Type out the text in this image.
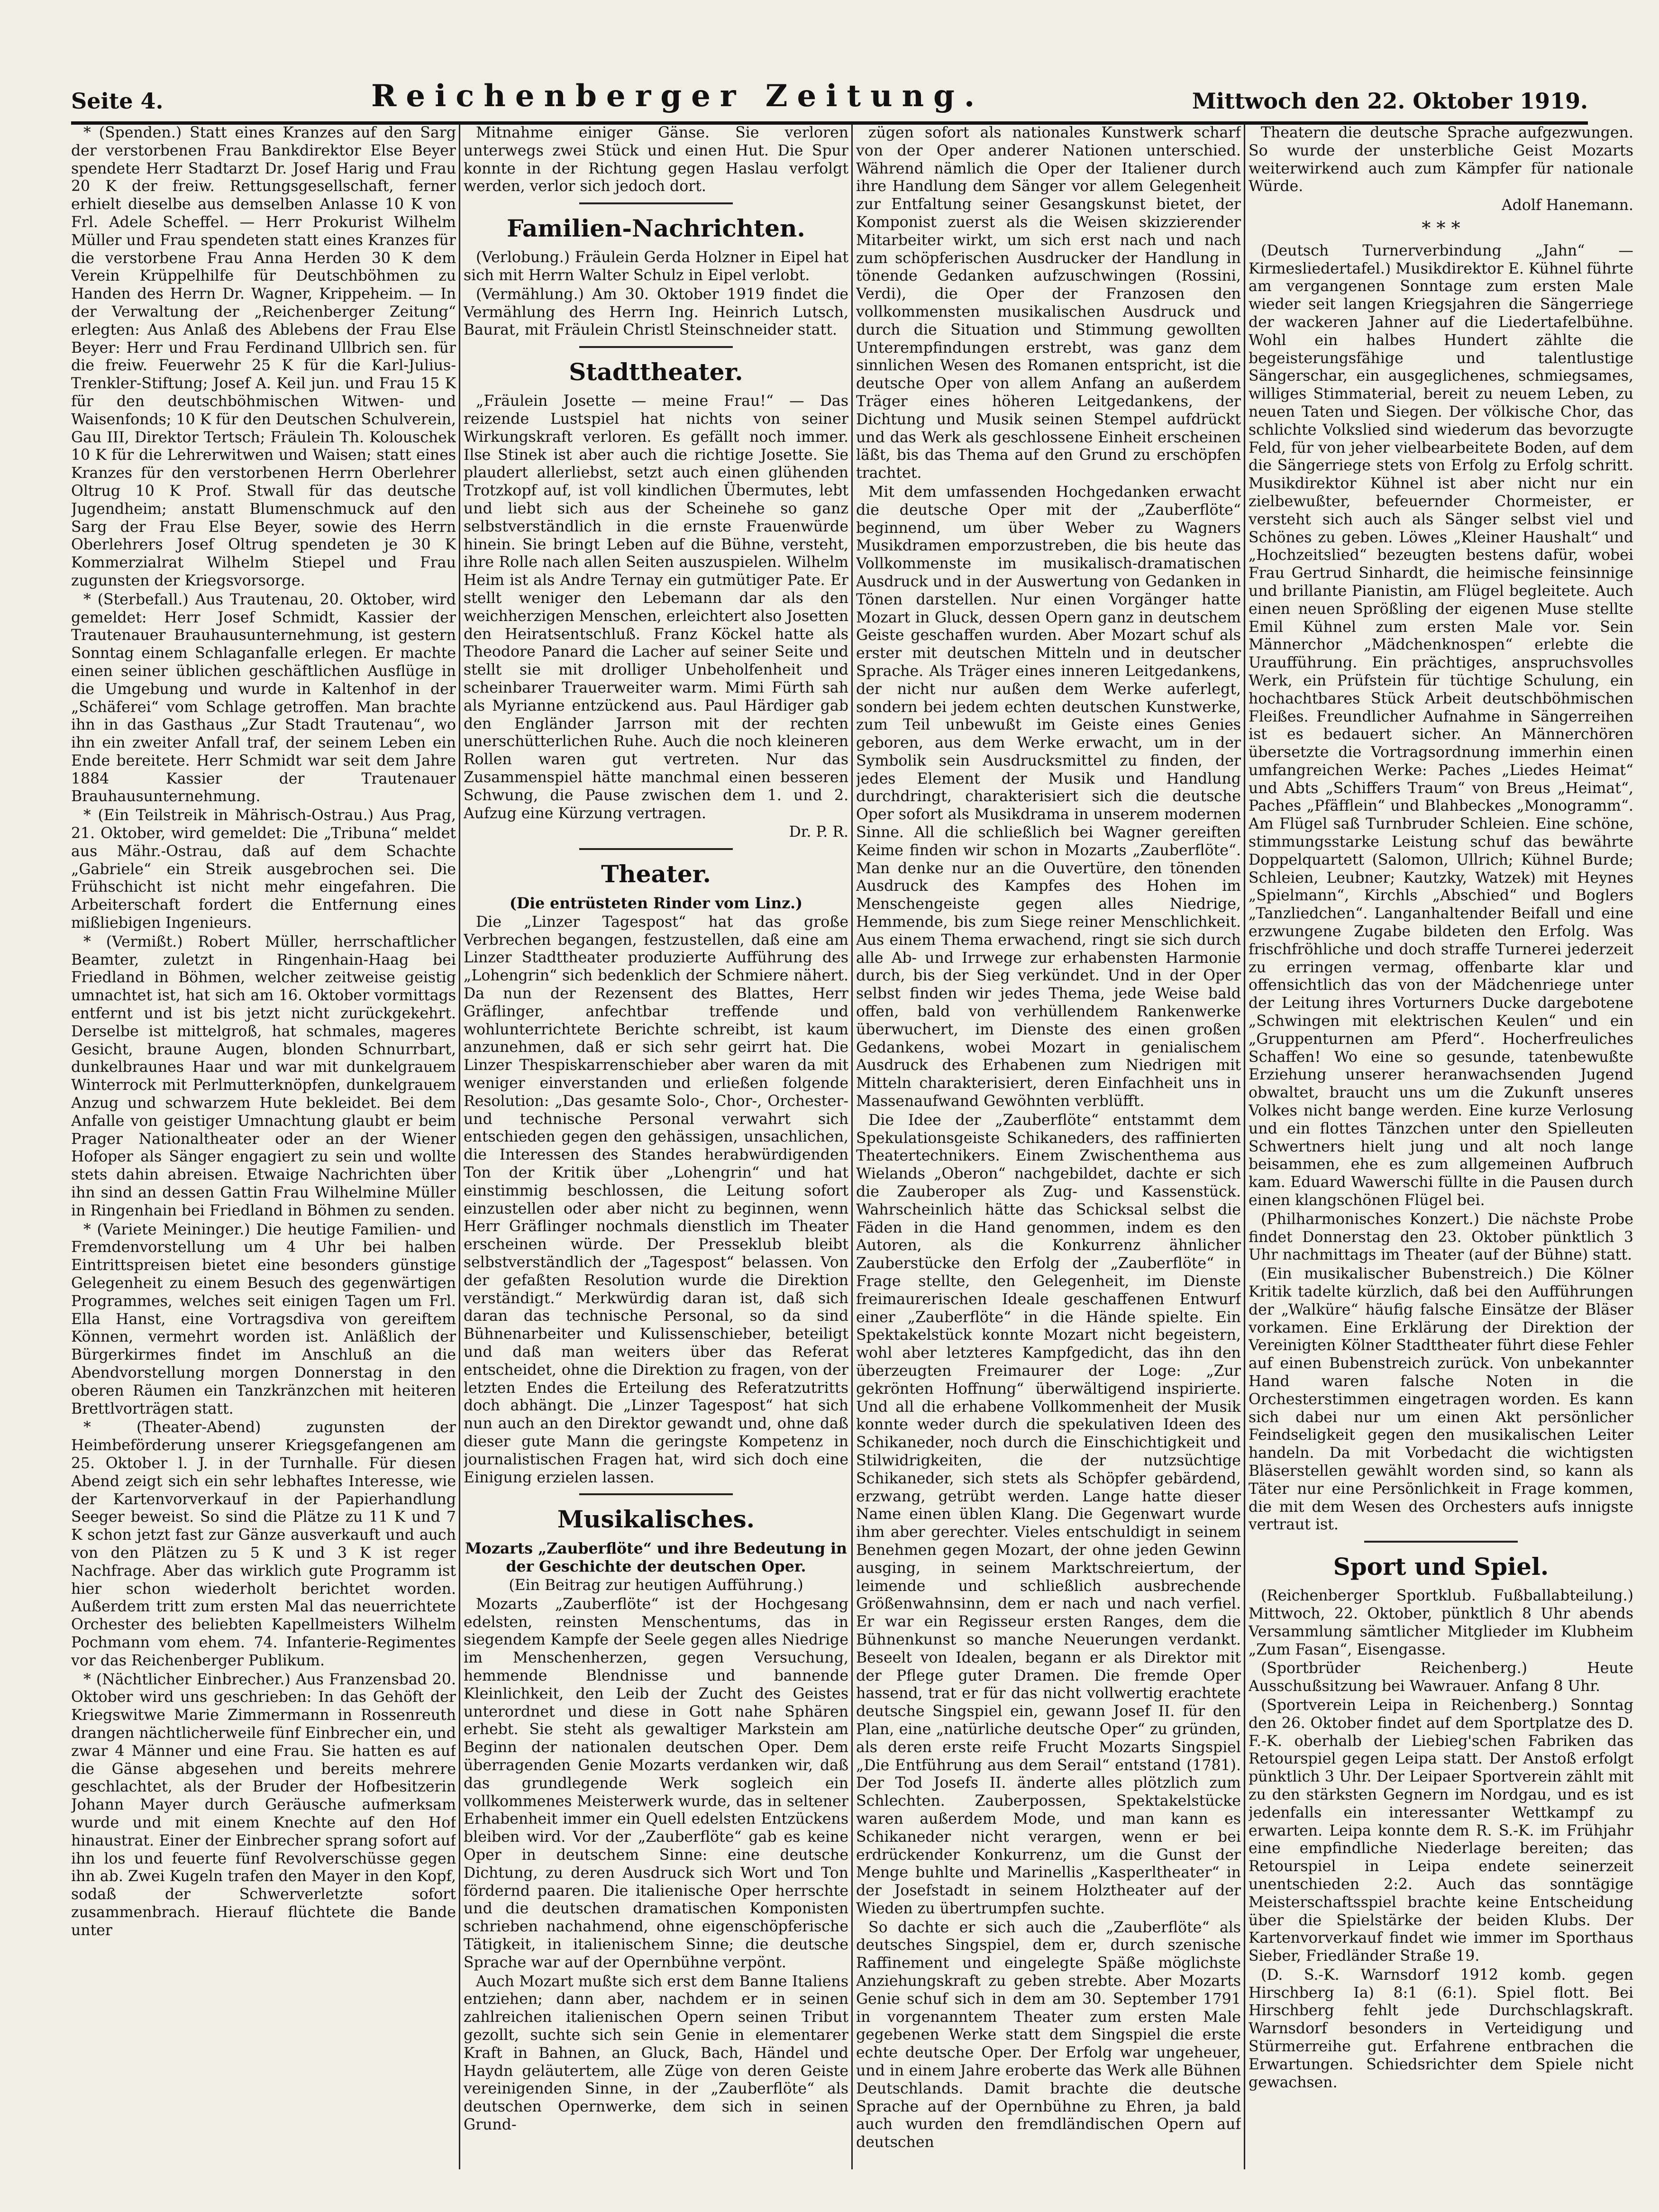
Seite 4.	Reichenberger Zeitung.	Mittwoch den 22. Oktober 1919.

* (Spenden.) Statt eines Kranzes auf den Sarg der verstorbenen Frau Bankdirektor Else Beyer spendete Herr Stadtarzt Dr. Josef Harig und Frau 20 K der freiw. Rettungsgesellschaft, ferner erhielt dieselbe aus demselben Anlasse 10 K von Frl. Adele Scheffel. — Herr Prokurist Wilhelm Müller und Frau spendeten statt eines Kranzes für die verstorbene Frau Anna Herden 30 K dem Verein Krüppelhilfe für Deutschböhmen zu Handen des Herrn Dr. Wagner, Krippeheim. — In der Verwaltung der „Reichenberger Zeitung“ erlegten: Aus Anlaß des Ablebens der Frau Else Beyer: Herr und Frau Ferdinand Ullbrich sen. für die freiw. Feuerwehr 25 K für die Karl-Julius-Trenkler-Stiftung; Josef A. Keil jun. und Frau 15 K für den deutschböhmischen Witwen- und Waisenfonds; 10 K für den Deutschen Schulverein, Gau III, Direktor Tertsch; Fräulein Th. Kolouschek 10 K für die Lehrerwitwen und Waisen; statt eines Kranzes für den verstorbenen Herrn Oberlehrer Oltrug 10 K Prof. Stwall für das deutsche Jugendheim; anstatt Blumenschmuck auf den Sarg der Frau Else Beyer, sowie des Herrn Oberlehrers Josef Oltrug spendeten je 30 K Kommerzialrat Wilhelm Stiepel und Frau zugunsten der Kriegsvorsorge.

* (Sterbefall.) Aus Trautenau, 20. Oktober, wird gemeldet: Herr Josef Schmidt, Kassier der Trautenauer Brauhausunternehmung, ist gestern Sonntag einem Schlaganfalle erlegen. Er machte einen seiner üblichen geschäftlichen Ausflüge in die Umgebung und wurde in Kaltenhof in der „Schäferei“ vom Schlage getroffen. Man brachte ihn in das Gasthaus „Zur Stadt Trautenau“, wo ihn ein zweiter Anfall traf, der seinem Leben ein Ende bereitete. Herr Schmidt war seit dem Jahre 1884 Kassier der Trautenauer Brauhausunternehmung.

* (Ein Teilstreik in Mährisch-Ostrau.) Aus Prag, 21. Oktober, wird gemeldet: Die „Tribuna“ meldet aus Mähr.-Ostrau, daß auf dem Schachte „Gabriele“ ein Streik ausgebrochen sei. Die Frühschicht ist nicht mehr eingefahren. Die Arbeiterschaft fordert die Entfernung eines mißliebigen Ingenieurs.

* (Vermißt.) Robert Müller, herrschaftlicher Beamter, zuletzt in Ringenhain-Haag bei Friedland in Böhmen, welcher zeitweise geistig umnachtet ist, hat sich am 16. Oktober vormittags entfernt und ist bis jetzt nicht zurückgekehrt. Derselbe ist mittelgroß, hat schmales, mageres Gesicht, braune Augen, blonden Schnurrbart, dunkelbraunes Haar und war mit dunkelgrauem Winterrock mit Perlmutterknöpfen, dunkelgrauem Anzug und schwarzem Hute bekleidet. Bei dem Anfalle von geistiger Umnachtung glaubt er beim Prager Nationaltheater oder an der Wiener Hofoper als Sänger engagiert zu sein und wollte stets dahin abreisen. Etwaige Nachrichten über ihn sind an dessen Gattin Frau Wilhelmine Müller in Ringenhain bei Friedland in Böhmen zu senden.

* (Variete Meininger.) Die heutige Familien- und Fremdenvorstellung um 4 Uhr bei halben Eintrittspreisen bietet eine besonders günstige Gelegenheit zu einem Besuch des gegenwärtigen Programmes, welches seit einigen Tagen um Frl. Ella Hanst, eine Vortragsdiva von gereiftem Können, vermehrt worden ist. Anläßlich der Bürgerkirmes findet im Anschluß an die Abendvorstellung morgen Donnerstag in den oberen Räumen ein Tanzkränzchen mit heiteren Brettlvorträgen statt.

* (Theater-Abend) zugunsten der Heimbeförderung unserer Kriegsgefangenen am 25. Oktober l. J. in der Turnhalle. Für diesen Abend zeigt sich ein sehr lebhaftes Interesse, wie der Kartenvorverkauf in der Papierhandlung Seeger beweist. So sind die Plätze zu 11 K und 7 K schon jetzt fast zur Gänze ausverkauft und auch von den Plätzen zu 5 K und 3 K ist reger Nachfrage. Aber das wirklich gute Programm ist hier schon wiederholt berichtet worden. Außerdem tritt zum ersten Mal das neuerrichtete Orchester des beliebten Kapellmeisters Wilhelm Pochmann vom ehem. 74. Infanterie-Regimentes vor das Reichenberger Publikum.

* (Nächtlicher Einbrecher.) Aus Franzensbad 20. Oktober wird uns geschrieben: In das Gehöft der Kriegswitwe Marie Zimmermann in Rossenreuth drangen nächtlicherweile fünf Einbrecher ein, und zwar 4 Männer und eine Frau. Sie hatten es auf die Gänse abgesehen und bereits mehrere geschlachtet, als der Bruder der Hofbesitzerin Johann Mayer durch Geräusche aufmerksam wurde und mit einem Knechte auf den Hof hinaustrat. Einer der Einbrecher sprang sofort auf ihn los und feuerte fünf Revolverschüsse gegen ihn ab. Zwei Kugeln trafen den Mayer in den Kopf, sodaß der Schwerverletzte sofort zusammenbrach. Hierauf flüchtete die Bande unter

Mitnahme einiger Gänse. Sie verloren unterwegs zwei Stück und einen Hut. Die Spur konnte in der Richtung gegen Haslau verfolgt werden, verlor sich jedoch dort.

Familien-Nachrichten.

(Verlobung.) Fräulein Gerda Holzner in Eipel hat sich mit Herrn Walter Schulz in Eipel verlobt.

(Vermählung.) Am 30. Oktober 1919 findet die Vermählung des Herrn Ing. Heinrich Lutsch, Baurat, mit Fräulein Christl Steinschneider statt.

Stadttheater.

„Fräulein Josette — meine Frau!“ — Das reizende Lustspiel hat nichts von seiner Wirkungskraft verloren. Es gefällt noch immer. Ilse Stinek ist aber auch die richtige Josette. Sie plaudert allerliebst, setzt auch einen glühenden Trotzkopf auf, ist voll kindlichen Übermutes, lebt und liebt sich aus der Scheinehe so ganz selbstverständlich in die ernste Frauenwürde hinein. Sie bringt Leben auf die Bühne, versteht, ihre Rolle nach allen Seiten auszuspielen. Wilhelm Heim ist als Andre Ternay ein gutmütiger Pate. Er stellt weniger den Lebemann dar als den weichherzigen Menschen, erleichtert also Josetten den Heiratsentschluß. Franz Köckel hatte als Theodore Panard die Lacher auf seiner Seite und stellt sie mit drolliger Unbeholfenheit und scheinbarer Trauerweiter warm. Mimi Fürth sah als Myrianne entzückend aus. Paul Härdiger gab den Engländer Jarrson mit der rechten unerschütterlichen Ruhe. Auch die noch kleineren Rollen waren gut vertreten. Nur das Zusammenspiel hätte manchmal einen besseren Schwung, die Pause zwischen dem 1. und 2. Aufzug eine Kürzung vertragen.

Dr. P. R.

Theater.

(Die entrüsteten Rinder vom Linz.)

Die „Linzer Tagespost“ hat das große Verbrechen begangen, festzustellen, daß eine am Linzer Stadttheater produzierte Aufführung des „Lohengrin“ sich bedenklich der Schmiere nähert. Da nun der Rezensent des Blattes, Herr Gräflinger, anfechtbar treffende und wohlunterrichtete Berichte schreibt, ist kaum anzunehmen, daß er sich sehr geirrt hat. Die Linzer Thespiskarrenschieber aber waren da mit weniger einverstanden und erließen folgende Resolution: „Das gesamte Solo-, Chor-, Orchester- und technische Personal verwahrt sich entschieden gegen den gehässigen, unsachlichen, die Interessen des Standes herabwürdigenden Ton der Kritik über „Lohengrin“ und hat einstimmig beschlossen, die Leitung sofort einzustellen oder aber nicht zu beginnen, wenn Herr Gräflinger nochmals dienstlich im Theater erscheinen würde. Der Presseklub bleibt selbstverständlich der „Tagespost“ belassen. Von der gefaßten Resolution wurde die Direktion verständigt.“ Merkwürdig daran ist, daß sich daran das technische Personal, so da sind Bühnenarbeiter und Kulissenschieber, beteiligt und daß man weiters über das Referat entscheidet, ohne die Direktion zu fragen, von der letzten Endes die Erteilung des Referatzutritts doch abhängt. Die „Linzer Tagespost“ hat sich nun auch an den Direktor gewandt und, ohne daß dieser gute Mann die geringste Kompetenz in journalistischen Fragen hat, wird sich doch eine Einigung erzielen lassen.

Musikalisches.

Mozarts „Zauberflöte“ und ihre Bedeutung in der Geschichte der deutschen Oper.

(Ein Beitrag zur heutigen Aufführung.)

Mozarts „Zauberflöte“ ist der Hochgesang edelsten, reinsten Menschentums, das in siegendem Kampfe der Seele gegen alles Niedrige im Menschenherzen, gegen Versuchung, hemmende Blendnisse und bannende Kleinlichkeit, den Leib der Zucht des Geistes unterordnet und diese in Gott nahe Sphären erhebt. Sie steht als gewaltiger Markstein am Beginn der nationalen deutschen Oper. Dem überragenden Genie Mozarts verdanken wir, daß das grundlegende Werk sogleich ein vollkommenes Meisterwerk wurde, das in seltener Erhabenheit immer ein Quell edelsten Entzückens bleiben wird. Vor der „Zauberflöte“ gab es keine Oper in deutschem Sinne: eine deutsche Dichtung, zu deren Ausdruck sich Wort und Ton fördernd paaren. Die italienische Oper herrschte und die deutschen dramatischen Komponisten schrieben nachahmend, ohne eigenschöpferische Tätigkeit, in italienischem Sinne; die deutsche Sprache war auf der Opernbühne verpönt.

Auch Mozart mußte sich erst dem Banne Italiens entziehen; dann aber, nachdem er in seinen zahlreichen italienischen Opern seinen Tribut gezollt, suchte sich sein Genie in elementarer Kraft in Bahnen, an Gluck, Bach, Händel und Haydn geläutertem, alle Züge von deren Geiste vereinigenden Sinne, in der „Zauberflöte“ als deutschen Opernwerke, dem sich in seinen Grund-

zügen sofort als nationales Kunstwerk scharf von der Oper anderer Nationen unterschied. Während nämlich die Oper der Italiener durch ihre Handlung dem Sänger vor allem Gelegenheit zur Entfaltung seiner Gesangskunst bietet, der Komponist zuerst als die Weisen skizzierender Mitarbeiter wirkt, um sich erst nach und nach zum schöpferischen Ausdrucker der Handlung in tönende Gedanken aufzuschwingen (Rossini, Verdi), die Oper der Franzosen den vollkommensten musikalischen Ausdruck und durch die Situation und Stimmung gewollten Unterempfindungen erstrebt, was ganz dem sinnlichen Wesen des Romanen entspricht, ist die deutsche Oper von allem Anfang an außerdem Träger eines höheren Leitgedankens, der Dichtung und Musik seinen Stempel aufdrückt und das Werk als geschlossene Einheit erscheinen läßt, bis das Thema auf den Grund zu erschöpfen trachtet.

Mit dem umfassenden Hochgedanken erwacht die deutsche Oper mit der „Zauberflöte“ beginnend, um über Weber zu Wagners Musikdramen emporzustreben, die bis heute das Vollkommenste im musikalisch-dramatischen Ausdruck und in der Auswertung von Gedanken in Tönen darstellen. Nur einen Vorgänger hatte Mozart in Gluck, dessen Opern ganz in deutschem Geiste geschaffen wurden. Aber Mozart schuf als erster mit deutschen Mitteln und in deutscher Sprache. Als Träger eines inneren Leitgedankens, der nicht nur außen dem Werke auferlegt, sondern bei jedem echten deutschen Kunstwerke, zum Teil unbewußt im Geiste eines Genies geboren, aus dem Werke erwacht, um in der Symbolik sein Ausdrucksmittel zu finden, der jedes Element der Musik und Handlung durchdringt, charakterisiert sich die deutsche Oper sofort als Musikdrama in unserem modernen Sinne. All die schließlich bei Wagner gereiften Keime finden wir schon in Mozarts „Zauberflöte“. Man denke nur an die Ouvertüre, den tönenden Ausdruck des Kampfes des Hohen im Menschengeiste gegen alles Niedrige, Hemmende, bis zum Siege reiner Menschlichkeit. Aus einem Thema erwachend, ringt sie sich durch alle Ab- und Irrwege zur erhabensten Harmonie durch, bis der Sieg verkündet. Und in der Oper selbst finden wir jedes Thema, jede Weise bald offen, bald von verhüllendem Rankenwerke überwuchert, im Dienste des einen großen Gedankens, wobei Mozart in genialischem Ausdruck des Erhabenen zum Niedrigen mit Mitteln charakterisiert, deren Einfachheit uns in Massenaufwand Gewöhnten verblüfft.

Die Idee der „Zauberflöte“ entstammt dem Spekulationsgeiste Schikaneders, des raffinierten Theatertechnikers. Einem Zwischenthema aus Wielands „Oberon“ nachgebildet, dachte er sich die Zauberoper als Zug- und Kassenstück. Wahrscheinlich hätte das Schicksal selbst die Fäden in die Hand genommen, indem es den Autoren, als die Konkurrenz ähnlicher Zauberstücke den Erfolg der „Zauberflöte“ in Frage stellte, den Gelegenheit, im Dienste freimaurerischen Ideale geschaffenen Entwurf einer „Zauberflöte“ in die Hände spielte. Ein Spektakelstück konnte Mozart nicht begeistern, wohl aber letzteres Kampfgedicht, das ihn den überzeugten Freimaurer der Loge: „Zur gekrönten Hoffnung“ überwältigend inspirierte. Und all die erhabene Vollkommenheit der Musik konnte weder durch die spekulativen Ideen des Schikaneder, noch durch die Einschichtigkeit und Stilwidrigkeiten, die der nutzsüchtige Schikaneder, sich stets als Schöpfer gebärdend, erzwang, getrübt werden. Lange hatte dieser Name einen üblen Klang. Die Gegenwart wurde ihm aber gerechter. Vieles entschuldigt in seinem Benehmen gegen Mozart, der ohne jeden Gewinn ausging, in seinem Marktschreiertum, der leimende und schließlich ausbrechende Größenwahnsinn, dem er nach und nach verfiel. Er war ein Regisseur ersten Ranges, dem die Bühnenkunst so manche Neuerungen verdankt. Beseelt von Idealen, begann er als Direktor mit der Pflege guter Dramen. Die fremde Oper hassend, trat er für das nicht vollwertig erachtete deutsche Singspiel ein, gewann Josef II. für den Plan, eine „natürliche deutsche Oper“ zu gründen, als deren erste reife Frucht Mozarts Singspiel „Die Entführung aus dem Serail“ entstand (1781). Der Tod Josefs II. änderte alles plötzlich zum Schlechten. Zauberpossen, Spektakelstücke waren außerdem Mode, und man kann es Schikaneder nicht verargen, wenn er bei erdrückender Konkurrenz, um die Gunst der Menge buhlte und Marinellis „Kasperltheater“ in der Josefstadt in seinem Holztheater auf der Wieden zu übertrumpfen suchte.

So dachte er sich auch die „Zauberflöte“ als deutsches Singspiel, dem er, durch szenische Raffinement und eingelegte Späße möglichste Anziehungskraft zu geben strebte. Aber Mozarts Genie schuf sich in dem am 30. September 1791 in vorgenanntem Theater zum ersten Male gegebenen Werke statt dem Singspiel die erste echte deutsche Oper. Der Erfolg war ungeheuer, und in einem Jahre eroberte das Werk alle Bühnen Deutschlands. Damit brachte die deutsche Sprache auf der Opernbühne zu Ehren, ja bald auch wurden den fremdländischen Opern auf deutschen

Theatern die deutsche Sprache aufgezwungen. So wurde der unsterbliche Geist Mozarts weiterwirkend auch zum Kämpfer für nationale Würde.

Adolf Hanemann.

* * *

(Deutsch Turnerverbindung „Jahn“ — Kirmesliedertafel.) Musikdirektor E. Kühnel führte am vergangenen Sonntage zum ersten Male wieder seit langen Kriegsjahren die Sängerriege der wackeren Jahner auf die Liedertafelbühne. Wohl ein halbes Hundert zählte die begeisterungsfähige und talentlustige Sängerschar, ein ausgeglichenes, schmiegsames, williges Stimmaterial, bereit zu neuem Leben, zu neuen Taten und Siegen. Der völkische Chor, das schlichte Volkslied sind wiederum das bevorzugte Feld, für von jeher vielbearbeitete Boden, auf dem die Sängerriege stets von Erfolg zu Erfolg schritt. Musikdirektor Kühnel ist aber nicht nur ein zielbewußter, befeuernder Chormeister, er versteht sich auch als Sänger selbst viel und Schönes zu geben. Löwes „Kleiner Haushalt“ und „Hochzeitslied“ bezeugten bestens dafür, wobei Frau Gertrud Sinhardt, die heimische feinsinnige und brillante Pianistin, am Flügel begleitete. Auch einen neuen Sprößling der eigenen Muse stellte Emil Kühnel zum ersten Male vor. Sein Männerchor „Mädchenknospen“ erlebte die Uraufführung. Ein prächtiges, anspruchsvolles Werk, ein Prüfstein für tüchtige Schulung, ein hochachtbares Stück Arbeit deutschböhmischen Fleißes. Freundlicher Aufnahme in Sängerreihen ist es bedauert sicher. An Männerchören übersetzte die Vortragsordnung immerhin einen umfangreichen Werke: Paches „Liedes Heimat“ und Abts „Schiffers Traum“ von Breus „Heimat“, Paches „Pfäfflein“ und Blahbeckes „Monogramm“. Am Flügel saß Turnbruder Schleien. Eine schöne, stimmungsstarke Leistung schuf das bewährte Doppelquartett (Salomon, Ullrich; Kühnel Burde; Schleien, Leubner; Kautzky, Watzek) mit Heynes „Spielmann“, Kirchls „Abschied“ und Boglers „Tanzliedchen“. Langanhaltender Beifall und eine erzwungene Zugabe bildeten den Erfolg. Was frischfröhliche und doch straffe Turnerei jederzeit zu erringen vermag, offenbarte klar und offensichtlich das von der Mädchenriege unter der Leitung ihres Vorturners Ducke dargebotene „Schwingen mit elektrischen Keulen“ und ein „Gruppenturnen am Pferd“. Hocherfreuliches Schaffen! Wo eine so gesunde, tatenbewußte Erziehung unserer heranwachsenden Jugend obwaltet, braucht uns um die Zukunft unseres Volkes nicht bange werden. Eine kurze Verlosung und ein flottes Tänzchen unter den Spielleuten Schwertners hielt jung und alt noch lange beisammen, ehe es zum allgemeinen Aufbruch kam. Eduard Wawerschi füllte in die Pausen durch einen klangschönen Flügel bei.

(Philharmonisches Konzert.) Die nächste Probe findet Donnerstag den 23. Oktober pünktlich 3 Uhr nachmittags im Theater (auf der Bühne) statt.

(Ein musikalischer Bubenstreich.) Die Kölner Kritik tadelte kürzlich, daß bei den Aufführungen der „Walküre“ häufig falsche Einsätze der Bläser vorkamen. Eine Erklärung der Direktion der Vereinigten Kölner Stadttheater führt diese Fehler auf einen Bubenstreich zurück. Von unbekannter Hand waren falsche Noten in die Orchesterstimmen eingetragen worden. Es kann sich dabei nur um einen Akt persönlicher Feindseligkeit gegen den musikalischen Leiter handeln. Da mit Vorbedacht die wichtigsten Bläserstellen gewählt worden sind, so kann als Täter nur eine Persönlichkeit in Frage kommen, die mit dem Wesen des Orchesters aufs innigste vertraut ist.

Sport und Spiel.

(Reichenberger Sportklub. Fußballabteilung.) Mittwoch, 22. Oktober, pünktlich 8 Uhr abends Versammlung sämtlicher Mitglieder im Klubheim „Zum Fasan“, Eisengasse.

(Sportbrüder Reichenberg.) Heute Ausschußsitzung bei Wawrauer. Anfang 8 Uhr.

(Sportverein Leipa in Reichenberg.) Sonntag den 26. Oktober findet auf dem Sportplatze des D. F.-K. oberhalb der Liebieg'schen Fabriken das Retourspiel gegen Leipa statt. Der Anstoß erfolgt pünktlich 3 Uhr. Der Leipaer Sportverein zählt mit zu den stärksten Gegnern im Nordgau, und es ist jedenfalls ein interessanter Wettkampf zu erwarten. Leipa konnte dem R. S.-K. im Frühjahr eine empfindliche Niederlage bereiten; das Retourspiel in Leipa endete seinerzeit unentschieden 2:2. Auch das sonntägige Meisterschaftsspiel brachte keine Entscheidung über die Spielstärke der beiden Klubs. Der Kartenvorverkauf findet wie immer im Sporthaus Sieber, Friedländer Straße 19.

(D. S.-K. Warnsdorf 1912 komb. gegen Hirschberg Ia) 8:1 (6:1). Spiel flott. Bei Hirschberg fehlt jede Durchschlagskraft. Warnsdorf besonders in Verteidigung und Stürmerreihe gut. Erfahrene entbrachen die Erwartungen. Schiedsrichter dem Spiele nicht gewachsen.
